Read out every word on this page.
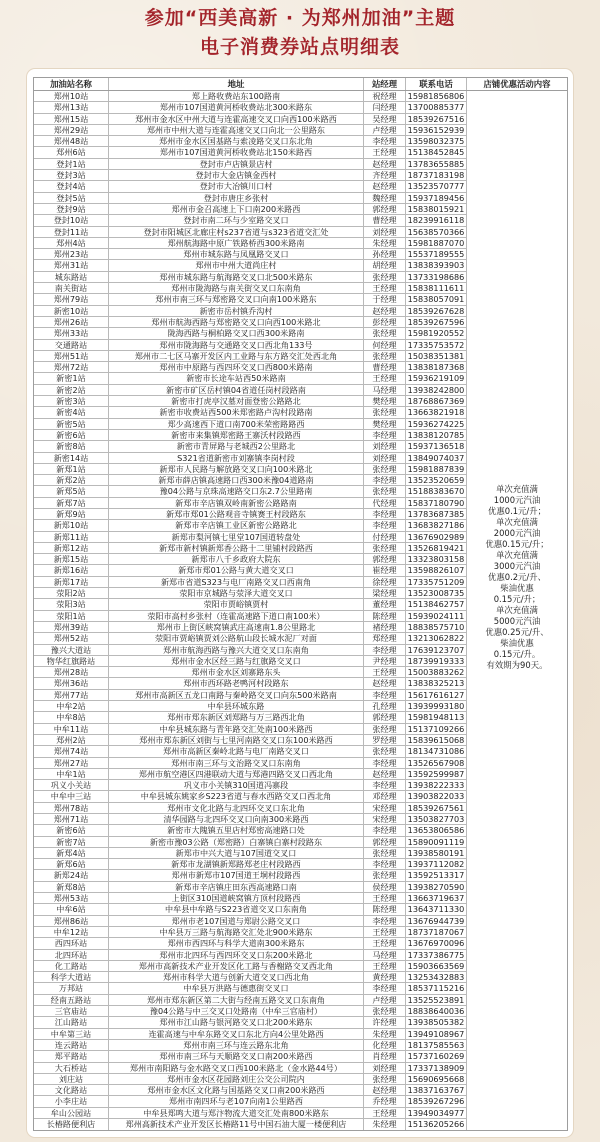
参加“西美高新 · 为郑州加油”主题
电子消费券站点明细表
加油站名称	地址	站经理	联系电话	店铺优惠活动内容
郑州10站	郑上路收费站东100路南	祝经理	15981856806
郑州13站	郑州市107国道黄河桥收费站北300米路东	闫经理	13700885377
郑州15站	郑州市金水区中州大道与连霍高速交叉口向西100米路西	吴经理	18539267516
郑州29站	郑州市中州大道与连霍高速交叉口向北一公里路东	卢经理	15936152939
郑州48站	郑州市金水区国基路与索凌路交叉口东北角	李经理	13598032375
郑州6站	郑州市107国道黄河桥收费站北150米路西	王经理	15138452845
登封1站	登封市卢店镇景店村	赵经理	13783655885
登封3站	登封市大金店镇金西村	齐经理	18737183198
登封4站	登封市大冶镇川口村	赵经理	13523570777
登封5站	登封市唐庄乡张村	魏经理	15937189456
登封9站	郑州市金召高速上下口南200米路西	郭经理	15838015921
登封10站	登封市南二环与少室路交叉口	曹经理	18239916118
登封11站	登封市阳城区北廊庄村s237省道与s323省道交汇处	刘经理	15638570366
郑州4站	郑州航海路中原广铁路桥西300米路南	朱经理	15981887070
郑州23站	郑州市城东路与凤凰路交叉口	孙经理	15537189555
郑州31站	郑州市中州大道尚庄村	胡经理	13838393903
城东路站	郑州市城东路与航海路交叉口北500米路东	张经理	13733198686
南关街站	郑州市陇海路与南关街交叉口东南角	王经理	15838111611
郑州79站	郑州市南三环与郑密路交叉口向南100米路东	于经理	15838057091
新密10站	新密市岳村镇乔沟村	赵经理	18539267628
郑州26站	郑州市航海西路与郑密路交叉口向西100米路北	彭经理	18539267596
郑州33站	陇海西路与桐柏路交叉口西300米路南	张经理	15981920552
交通路站	郑州市陇海路与交通路交叉口西北角133号	何经理	17335753572
郑州51站	郑州市二七区马寨开发区内工业路与东方路交汇处西北角	张经理	15038351381
郑州72站	郑州市中原路与西四环交叉口西800米路南	曹经理	13838187368
新密1站	新密市长途车站西50米路南	王经理	15936219109
新密2站	新密市矿区岳村镇04省道任岗村段路南	马经理	13938242800
新密3站	新密市打虎亭汉墓对面登密公路路北	樊经理	18768867369
新密4站	新密市收费站西500米郑密路卢沟村段路南	张经理	13663821918
新密5站	郑少高速西下道口南700米荣密路路西	樊经理	15936274225
新密6站	新密市来集镇郑密路王寨沃村段路西	李经理	13838120785
新密8站	新密市青屏路与老城西2公里路北	刘经理	15937136518
新密14站	S321省道新密市刘寨镇李岗村段	刘经理	13849074037
新郑1站	新郑市人民路与解放路交叉口向100米路北	张经理	15981887839
新郑2站	新郑市薛店镇高速路口西300米豫04道路南	李经理	13523520659
新郑5站	豫04公路与京珠高速路交口东2.7公里路南	张经理	15188383670
新郑7站	新郑市辛店镇双岭南新密公路路南	代经理	15837180790
新郑9站	新郑市郑01公路观音寺镇赛王村段路东	李经理	13783687385
新郑10站	新郑市辛店镇工业区新密公路路北	李经理	13683827186
新郑11站	新郑市梨河镇七里堂107国道转盘处	付经理	13676902989
新郑12站	新郑市新村镇新郑香公路十二里铺村段路西	张经理	13526819421
新郑15站	新郑市八千乡政府大院东	郭经理	13323803158
新郑16站	新郑市郑01公路与黄大道交叉口	崔经理	13598826107
新郑17站	新郑市省道S323与电厂南路交叉口西南角	徐经理	17335751209
荥阳2站	荥阳市京城路与荥泽大道交叉口	梁经理	13523008735
荥阳3站	荥阳市贾峪镇贾村	董经理	15138462757
荥阳1站	荥阳市高村乡张村（连霍高速路下道口南100米）	陈经理	15939024111
郑州39站	郑州市上街区峡窝镇武庄高速南1.8公里路北	褚经理	18838575710
郑州52站	荥阳市贾峪镇贾刘公路航山段长城水泥厂对面	郑经理	13213062822
豫兴大道站	郑州市航海西路与豫兴大道交叉口东南角	李经理	17639123707
物华红旗路站	郑州市金水区经三路与红旗路交叉口	尹经理	18739919333
郑州28站	郑州市金水区刘寨路东头	王经理	15003883262
郑州36站	郑州市西环路老鸭河村段路东	赵经理	13838325213
郑州77站	郑州市高新区五龙口南路与秦岭路交叉口向东500米路南	李经理	15617616127
中牟2站	中牟县环城东路	孔经理	13939993180
中牟8站	郑州市郑东新区刘郑路与万三路西北角	郭经理	15981948113
中牟11站	中牟县城东路与青年路交汇处南100米路西	张经理	15137109266
郑州2站	郑州市郑东新区刘街与七里河南路交叉口东100米路西	罗经理	15839615068
郑州74站	郑州市高新区秦岭北路与电厂南路交叉口	张经理	18134731086
郑州27站	郑州市南三环与文治路交叉口东南角	李经理	13526567908
中牟1站	郑州市航空港区四港联动大道与郑港四路交叉口西北角	赵经理	13592599987
巩义小关站	巩义市小关镇310国道冯寨段	李经理	13938222333
中牟中三站	中牟县城东姚家乡S223省道与春水西路交叉口西北角	邓经理	13903822033
郑州78站	郑州市文化北路与北四环交叉口东北角	宋经理	18539267561
郑州71站	清华园路与北四环交叉口向南300米路西	宋经理	13503827703
新密6站	新密市大隗镇五里店村郑密高速路口处	李经理	13653806586
新密7站	新密市豫03公路（郑密路）白寨镇白寨村段路东	郭经理	15890091119
新郑4站	新郑市中兴大道与107国道交叉口	张经理	13938580191
新郑6站	新郑市龙湖镇新郑路郑老庄村段路西	李经理	13937112082
新郑24站	郑州市新郑市107国道王垌村段路西	张经理	13592513317
新郑8站	新郑市辛店镇庄田东西高速路口南	侯经理	13938270590
郑州53站	上街区310国道峡窝镇方顶村段路西	王经理	13663719637
中牟6站	中牟县中牟路与S223省道交叉口东南角	陈经理	13643711330
郑州86站	郑州市老107国道与郑尉公路交叉口	李经理	13676944739
中牟12站	中牟县万三路与航海路交汇处北900米路东	王经理	18737187067
西四环站	郑州市西四环与科学大道南300米路东	王经理	13676970096
北四环站	郑州市北四环与西四环交叉口东200米路北	马经理	17337386775
化工路站	郑州市高新技术产业开发区化工路与香榭路交叉西北角	王经理	15903663569
科学大道站	郑州市科学大道与创新大道交叉口西北角	黄经理	13253432883
万邦站	中牟县万洪路与德惠街交叉口	李经理	18537115216
经南五路站	郑州市郑东新区第二大街与经南五路交叉口东南角	卢经理	13525523891
三官庙站	豫04公路与中三交叉口处路南（中牟三官庙村）	张经理	18838640036
江山路站	郑州市江山路与银河路交叉口北200米路东	许经理	13938505382
中牟第三站	连霍高速与中牟东路交叉口东北方向4公里处路西	朱经理	13949108967
连云路站	郑州市南三环与连云路东北角	化经理	18137585563
郑平路站	郑州市南三环与天顺路交叉口南200米路西	肖经理	15737160269
大石桥站	郑州市南阳路与金水路交叉口西100米路北（金水路44号）	刘经理	17337138909
刘庄站	郑州市金水区花园路刘庄公交公司院内	张经理	15690695668
文化路站	郑州市金水区文化路与国基路交叉口南200米路西	赵经理	13837163767
小李庄站	郑州市南四环与老107向南1公里路西	乔经理	18539267296
牟山公园站	中牟县郑鸣大道与郑汴物流大道交汇处南800米路东	王经理	13949034977
长椿路便利店	郑州高新技术产业开发区长椿路11号中国石油大厦一楼便利店	朱经理	15136205266
单次充值满
1000元汽油
优惠0.1元/升；
单次充值满
2000元汽油
优惠0.15元/升；
单次充值满
3000元汽油
优惠0.2元/升、
柴油优惠
0.15元/升；
单次充值满
5000元汽油
优惠0.25元/升、
柴油优惠
0.15元/升。
有效期为90天。
